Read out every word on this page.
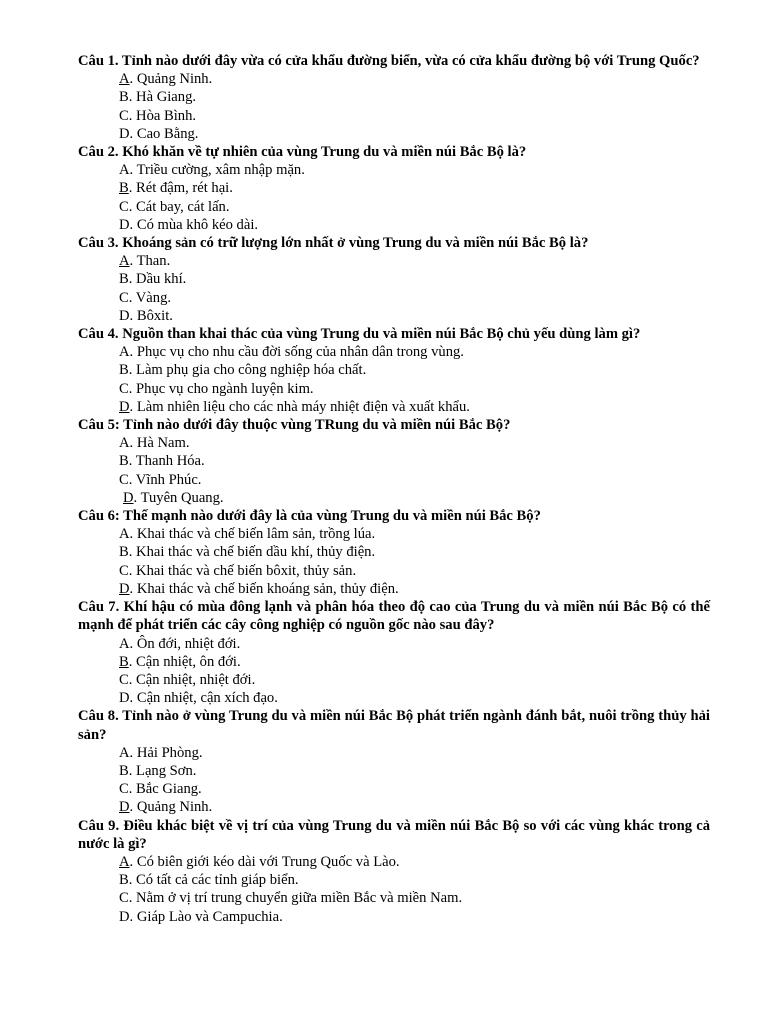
Câu 1. Tỉnh nào dưới đây vừa có cửa khẩu đường biển, vừa có cửa khẩu đường bộ với Trung Quốc?

A. Quảng Ninh.
B. Hà Giang.
C. Hòa Bình.
D. Cao Bằng.

Câu 2. Khó khăn về tự nhiên của vùng Trung du và miền núi Bắc Bộ là?

A. Triều cường, xâm nhập mặn.
B. Rét đậm, rét hại.
C. Cát bay, cát lấn.
D. Có mùa khô kéo dài.

Câu 3. Khoáng sản có trữ lượng lớn nhất ở vùng Trung du và miền núi Bắc Bộ là?

A. Than.
B. Dầu khí.
C. Vàng.
D. Bôxit.

Câu 4. Nguồn than khai thác của vùng Trung du và miền núi Bắc Bộ chủ yếu dùng làm gì?

A. Phục vụ cho nhu cầu đời sống của nhân dân trong vùng.
B. Làm phụ gia cho công nghiệp hóa chất.
C. Phục vụ cho ngành luyện kim.
D. Làm nhiên liệu cho các nhà máy nhiệt điện và xuất khẩu.

Câu 5: Tỉnh nào dưới đây thuộc vùng TRung du và miền núi Bắc Bộ?

A. Hà Nam.
B. Thanh Hóa.
C. Vĩnh Phúc.
D. Tuyên Quang.

Câu 6: Thế mạnh nào dưới đây là của vùng Trung du và miền núi Bắc Bộ?

A. Khai thác và chế biến lâm sản, trồng lúa.
B. Khai thác và chế biến dầu khí, thủy điện.
C. Khai thác và chế biến bôxit, thủy sản.
D. Khai thác và chế biến khoáng sản, thủy điện.

Câu 7. Khí hậu có mùa đông lạnh và phân hóa theo độ cao của Trung du và miền núi Bắc Bộ có thế mạnh để phát triển các cây công nghiệp có nguồn gốc nào sau đây?

A. Ôn đới, nhiệt đới.
B. Cận nhiệt, ôn đới.
C. Cận nhiệt, nhiệt đới.
D. Cận nhiệt, cận xích đạo.

Câu 8. Tỉnh nào ở vùng Trung du và miền núi Bắc Bộ phát triển ngành đánh bắt, nuôi trồng thủy hải sản?

A. Hải Phòng.
B. Lạng Sơn.
C. Bắc Giang.
D. Quảng Ninh.

Câu 9. Điều khác biệt về vị trí của vùng Trung du và miền núi Bắc Bộ so với các vùng khác trong cả nước là gì?

A. Có biên giới kéo dài với Trung Quốc và Lào.
B. Có tất cả các tỉnh giáp biển.
C. Nằm ở vị trí trung chuyển giữa miền Bắc và miền Nam.
D. Giáp Lào và Campuchia.
